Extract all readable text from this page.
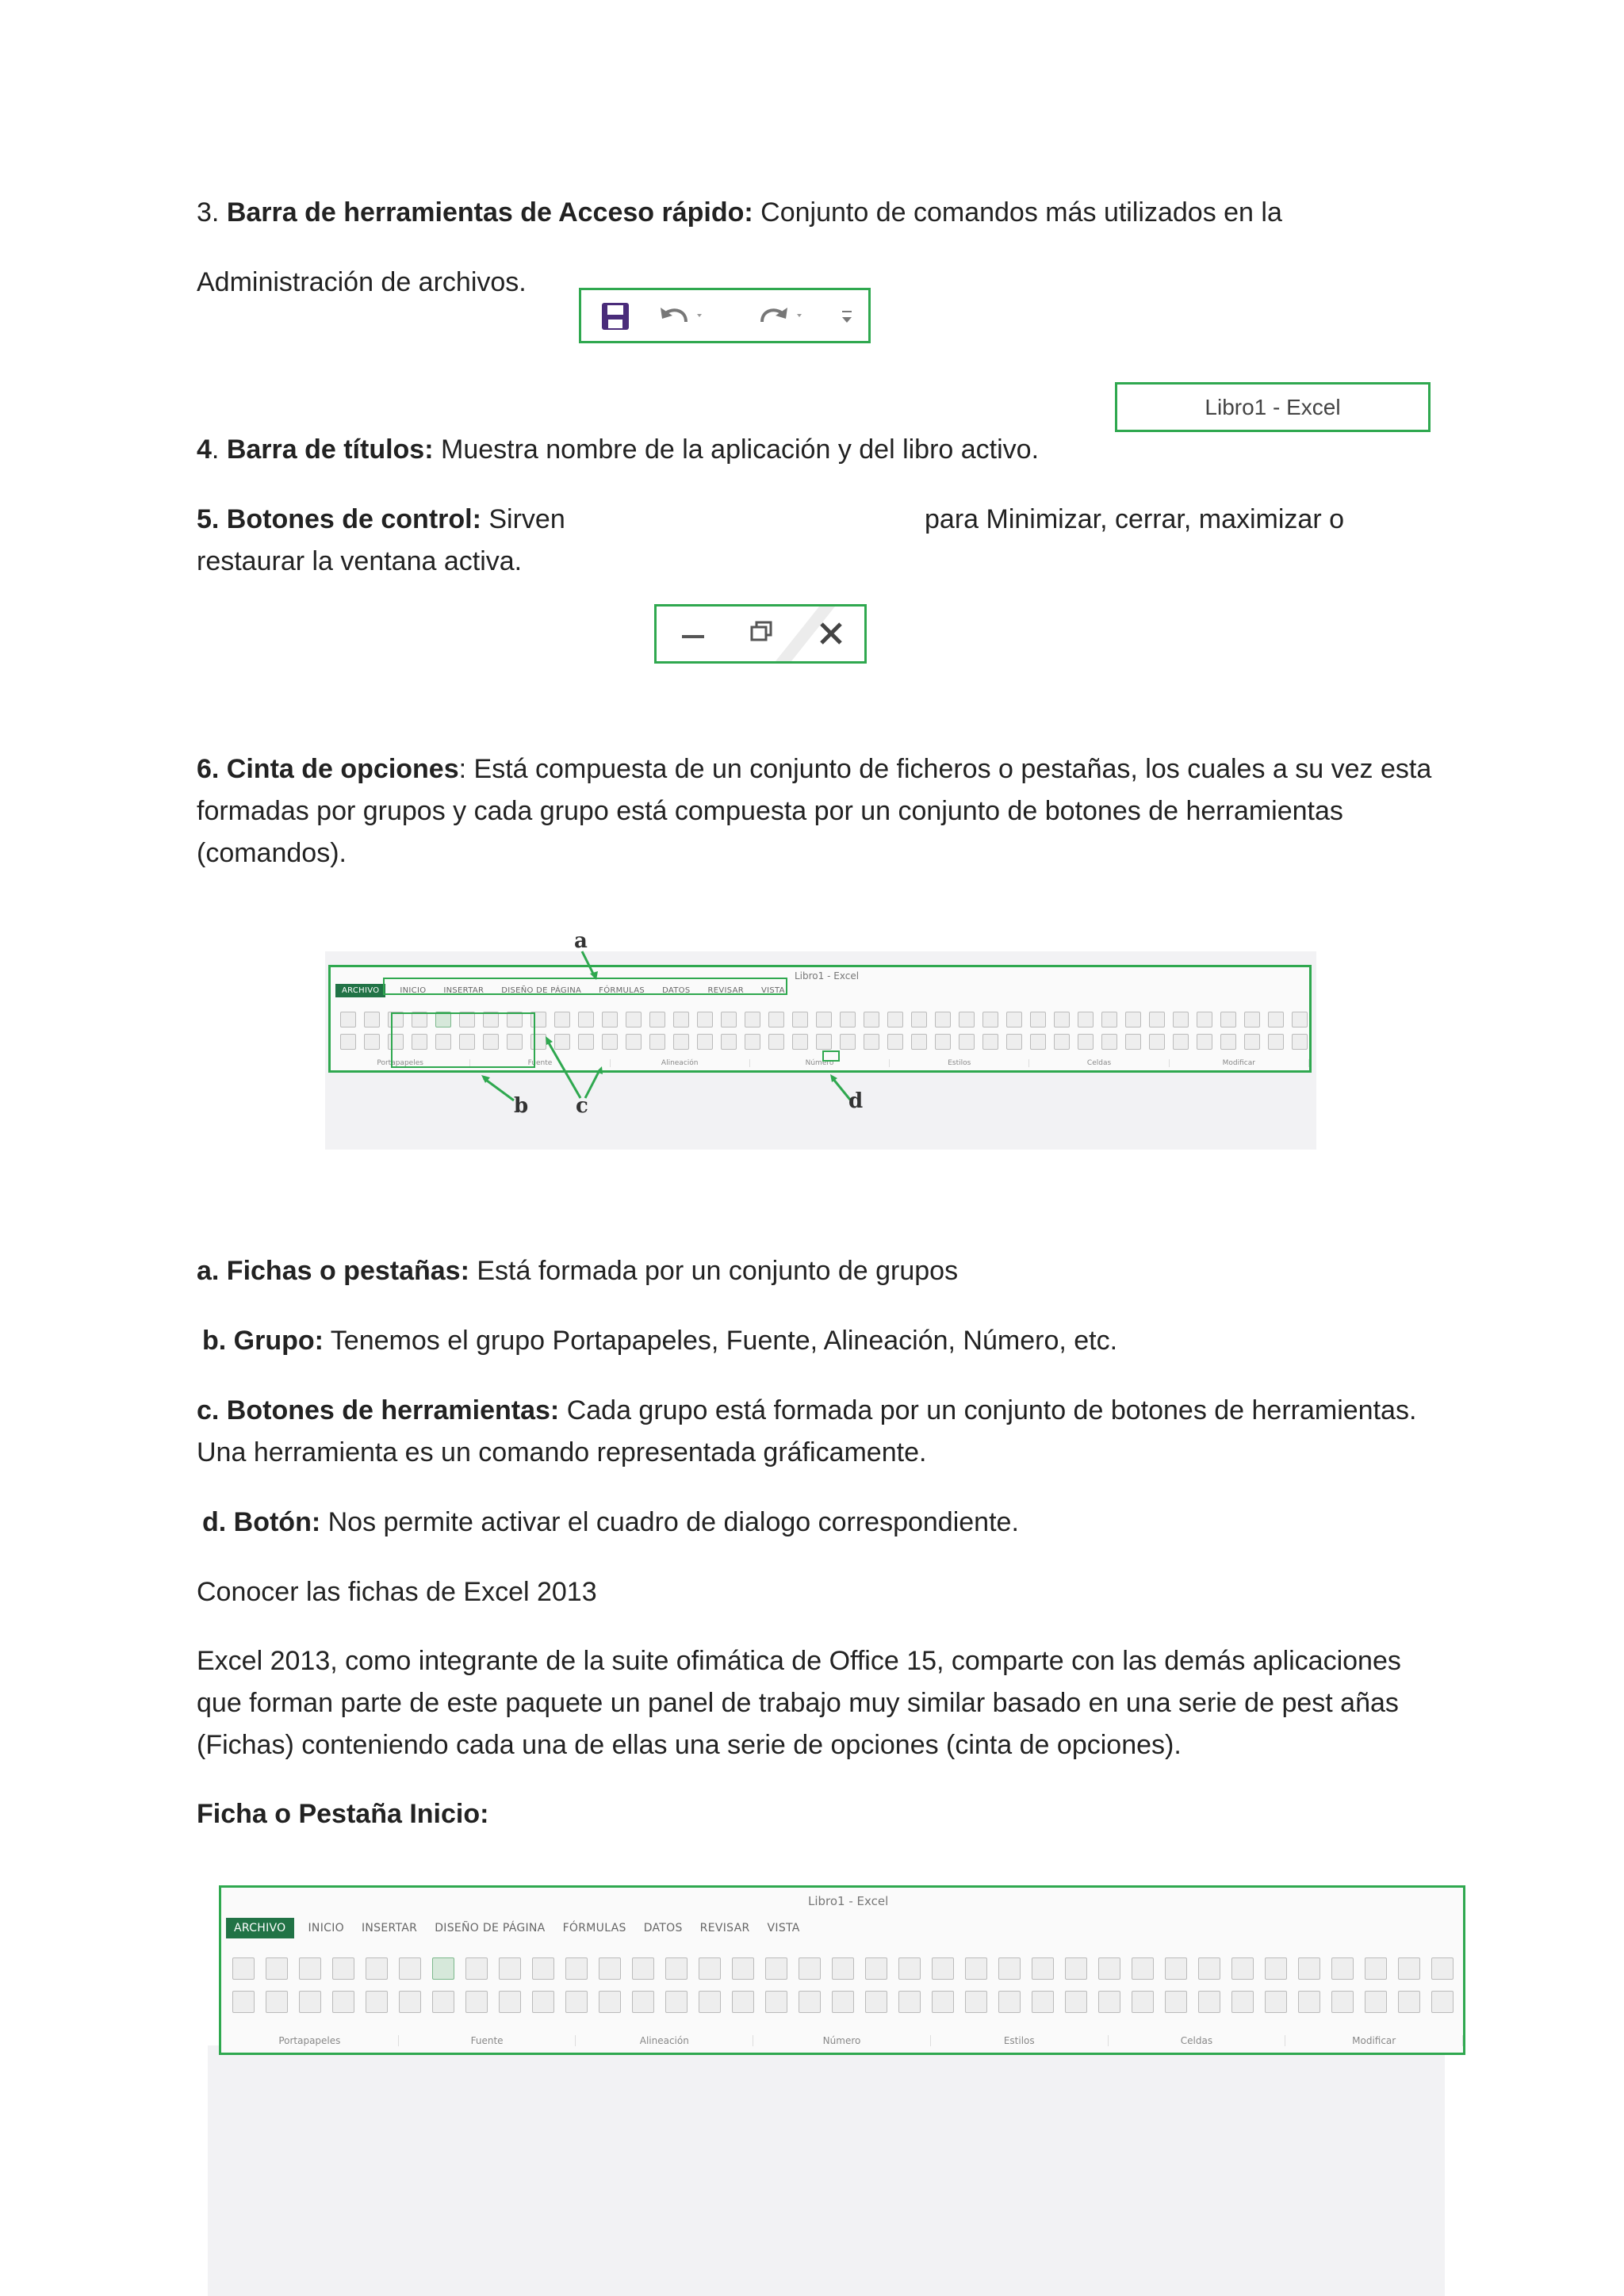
3. Barra de herramientas de Acceso rápido: Conjunto de comandos más utilizados en la

Administración de archivos.

Libro1 - Excel

4. Barra de títulos: Muestra nombre de la aplicación y del libro activo.

5. Botones de control: Sirven	para Minimizar, cerrar, maximizar o

restaurar la ventana activa.

6. Cinta de opciones: Está compuesta de un conjunto de ficheros o pestañas, los cuales a su vez esta

formadas por grupos y cada grupo está compuesta por un conjunto de botones de herramientas

(comandos).

Libro1 - Excel
ARCHIVO	INICIO INSERTAR DISEÑO DE PÁGINA FÓRMULAS DATOS REVISAR VISTA
Portapapeles	Fuente	Alineación	Número	Estilos	Celdas	Modificar
a
b c	d

a. Fichas o pestañas: Está formada por un conjunto de grupos

b. Grupo: Tenemos el grupo Portapapeles, Fuente, Alineación, Número, etc.

c. Botones de herramientas: Cada grupo está formada por un conjunto de botones de herramientas.

Una herramienta es un comando representada gráficamente.

d. Botón: Nos permite activar el cuadro de dialogo correspondiente.

Conocer las fichas de Excel 2013

Excel 2013, como integrante de la suite ofimática de Office 15, comparte con las demás aplicaciones

que forman parte de este paquete un panel de trabajo muy similar basado en una serie de pest añas

(Fichas) conteniendo cada una de ellas una serie de opciones (cinta de opciones).

Ficha o Pestaña Inicio:

Libro1 - Excel
ARCHIVO	INICIO INSERTAR DISEÑO DE PÁGINA FÓRMULAS DATOS REVISAR VISTA
Portapapeles	Fuente	Alineación	Número	Estilos	Celdas	Modificar
